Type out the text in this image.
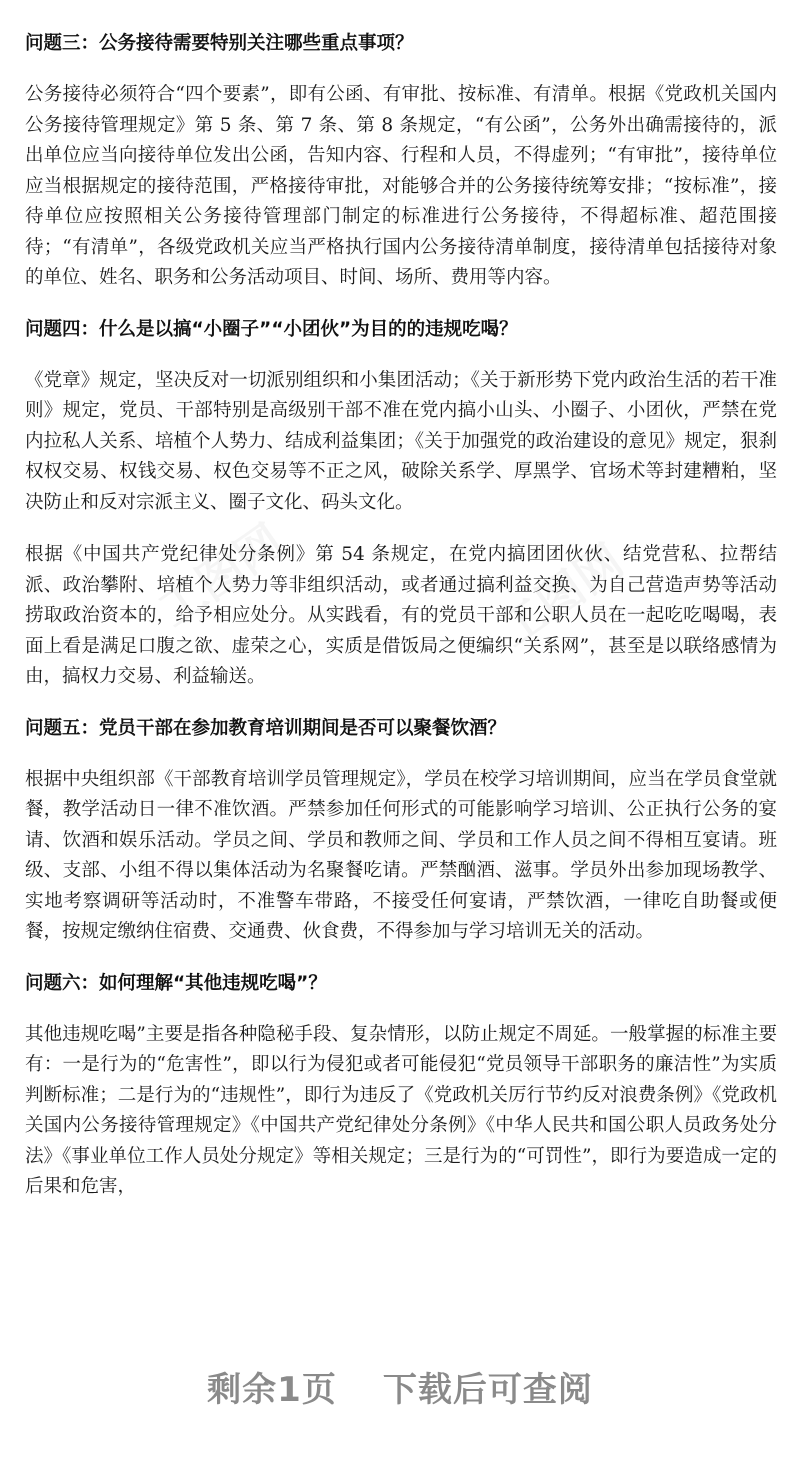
工图网	工图网
问题三：公务接待需要特别关注哪些重点事项？

公务接待必须符合“四个要素”，即有公函、有审批、按标准、有清单。根据《党政机关国内公务接待管理规定》第 5 条、第 7 条、第 8 条规定，“有公函”，公务外出确需接待的，派出单位应当向接待单位发出公函，告知内容、行程和人员，不得虚列；“有审批”，接待单位应当根据规定的接待范围，严格接待审批，对能够合并的公务接待统筹安排；“按标准”，接待单位应按照相关公务接待管理部门制定的标准进行公务接待，不得超标准、超范围接待；“有清单”，各级党政机关应当严格执行国内公务接待清单制度，接待清单包括接待对象的单位、姓名、职务和公务活动项目、时间、场所、费用等内容。

问题四：什么是以搞“小圈子”“小团伙”为目的的违规吃喝？

《党章》规定，坚决反对一切派别组织和小集团活动；《关于新形势下党内政治生活的若干准则》规定，党员、干部特别是高级别干部不准在党内搞小山头、小圈子、小团伙，严禁在党内拉私人关系、培植个人势力、结成利益集团；《关于加强党的政治建设的意见》规定，狠刹权权交易、权钱交易、权色交易等不正之风，破除关系学、厚黑学、官场术等封建糟粕，坚决防止和反对宗派主义、圈子文化、码头文化。

根据《中国共产党纪律处分条例》第 54 条规定，在党内搞团团伙伙、结党营私、拉帮结派、政治攀附、培植个人势力等非组织活动，或者通过搞利益交换、为自己营造声势等活动捞取政治资本的，给予相应处分。从实践看，有的党员干部和公职人员在一起吃吃喝喝，表面上看是满足口腹之欲、虚荣之心，实质是借饭局之便编织“关系网”，甚至是以联络感情为由，搞权力交易、利益输送。

问题五：党员干部在参加教育培训期间是否可以聚餐饮酒？

根据中央组织部《干部教育培训学员管理规定》，学员在校学习培训期间，应当在学员食堂就餐，教学活动日一律不准饮酒。严禁参加任何形式的可能影响学习培训、公正执行公务的宴请、饮酒和娱乐活动。学员之间、学员和教师之间、学员和工作人员之间不得相互宴请。班级、支部、小组不得以集体活动为名聚餐吃请。严禁酗酒、滋事。学员外出参加现场教学、实地考察调研等活动时，不准警车带路，不接受任何宴请，严禁饮酒，一律吃自助餐或便餐，按规定缴纳住宿费、交通费、伙食费，不得参加与学习培训无关的活动。

问题六：如何理解“其他违规吃喝”？

其他违规吃喝”主要是指各种隐秘手段、复杂情形，以防止规定不周延。一般掌握的标准主要有：一是行为的“危害性”，即以行为侵犯或者可能侵犯“党员领导干部职务的廉洁性”为实质判断标准；二是行为的“违规性”，即行为违反了《党政机关厉行节约反对浪费条例》《党政机关国内公务接待管理规定》《中国共产党纪律处分条例》《中华人民共和国公职人员政务处分法》《事业单位工作人员处分规定》等相关规定；三是行为的“可罚性”，即行为要造成一定的后果和危害，

剩余1页 下载后可查阅
